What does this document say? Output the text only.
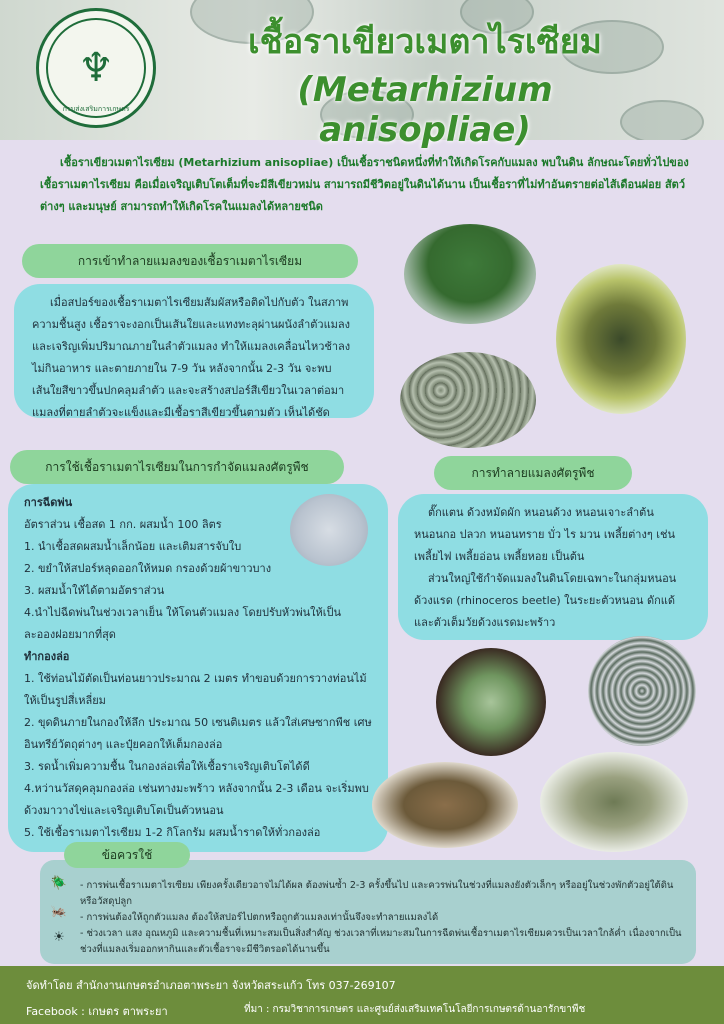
♆
กรมส่งเสริมการเกษตร
เชื้อราเขียวเมตาไรเซียม
(Metarhizium anisopliae)
เชื้อราเขียวเมตาไรเซียม (Metarhizium anisopliae) เป็นเชื้อราชนิดหนึ่งที่ทำให้เกิดโรคกับแมลง พบในดิน ลักษณะโดยทั่วไปของเชื้อราเมตาไรเซียม คือเมื่อเจริญเติบโตเต็มที่จะมีสีเขียวหม่น สามารถมีชีวิตอยู่ในดินได้นาน เป็นเชื้อราที่ไม่ทำอันตรายต่อไส้เดือนฝอย สัตว์ต่างๆ และมนุษย์ สามารถทำให้เกิดโรคในแมลงได้หลายชนิด
การเข้าทำลายแมลงของเชื้อราเมตาไรเซียม
เมื่อสปอร์ของเชื้อราเมตาไรเซียมสัมผัสหรือติดไปกับตัว ในสภาพความชื้นสูง เชื้อราจะงอกเป็นเส้นใยและแทงทะลุผ่านผนังลำตัวแมลง และเจริญเพิ่มปริมาณภายในลำตัวแมลง ทำให้แมลงเคลื่อนไหวช้าลง ไม่กินอาหาร และตายภายใน 7-9 วัน หลังจากนั้น 2-3 วัน จะพบเส้นใยสีขาวขึ้นปกคลุมลำตัว และจะสร้างสปอร์สีเขียวในเวลาต่อมา แมลงที่ตายลำตัวจะแข็งและมีเชื้อราสีเขียวขึ้นตามตัว เห็นได้ชัด
การใช้เชื้อราเมตาไรเซียมในการกำจัดแมลงศัตรูพืช
การฉีดพ่น
อัตราส่วน เชื้อสด 1 กก. ผสมน้ำ 100 ลิตร
1. นำเชื้อสดผสมน้ำเล็กน้อย และเติมสารจับใบ
2. ขยำให้สปอร์หลุดออกให้หมด กรองด้วยผ้าขาวบาง
3. ผสมน้ำให้ได้ตามอัตราส่วน
4.นำไปฉีดพ่นในช่วงเวลาเย็น ให้โดนตัวแมลง โดยปรับหัวพ่นให้เป็นละอองฝอยมากที่สุด
ทำกองล่อ
1. ใช้ท่อนไม้ตัดเป็นท่อนยาวประมาณ 2 เมตร ทำขอบด้วยการวางท่อนไม้ให้เป็นรูปสี่เหลี่ยม
2. ขุดดินภายในกองให้ลึก ประมาณ 50 เซนติเมตร แล้วใส่เศษซากพืช เศษอินทรีย์วัตถุต่างๆ และปุ๋ยคอกให้เต็มกองล่อ
3. รดน้ำเพิ่มความชื้น ในกองล่อเพื่อให้เชื้อราเจริญเติบโตได้ดี
4.หว่านวัสดุคลุมกองล่อ เช่นทางมะพร้าว หลังจากนั้น 2-3 เดือน จะเริ่มพบด้วงมาวางไข่และเจริญเติบโตเป็นตัวหนอน
5. ใช้เชื้อราเมตาไรเซียม 1-2 กิโลกรัม ผสมน้ำราดให้ทั่วกองล่อ
การทำลายแมลงศัตรูพืช
ตั๊กแตน ด้วงหมัดผัก หนอนด้วง หนอนเจาะลำต้น หนอนกอ ปลวก หนอนทราย บั่ว ไร มวน เพลี้ยต่างๆ เช่น เพลี้ยไฟ เพลี้ยอ่อน เพลี้ยหอย เป็นต้น
ส่วนใหญ่ใช้กำจัดแมลงในดินโดยเฉพาะในกลุ่มหนอนด้วงแรด (rhinoceros beetle) ในระยะตัวหนอน ดักแด้ และตัวเต็มวัยด้วงแรดมะพร้าว
ข้อควรใช้
🪲
🦗
☀
- การพ่นเชื้อราเมตาไรเซียม เพียงครั้งเดียวอาจไม่ได้ผล ต้องพ่นซ้ำ 2-3 ครั้งขึ้นไป และควรพ่นในช่วงที่แมลงยังตัวเล็กๆ หรืออยู่ในช่วงพักตัวอยู่ใต้ดินหรือวัสดุปลูก
- การพ่นต้องให้ถูกตัวแมลง ต้องให้สปอร์ไปตกหรือถูกตัวแมลงเท่านั้นจึงจะทำลายแมลงได้
- ช่วงเวลา แสง อุณหภูมิ และความชื้นที่เหมาะสมเป็นสิ่งสำคัญ ช่วงเวลาที่เหมาะสมในการฉีดพ่นเชื้อราเมตาไรเซียมควรเป็นเวลาใกล้ค่ำ เนื่องจากเป็นช่วงที่แมลงเริ่มออกหากินและตัวเชื้อราจะมีชีวิตรอดได้นานขึ้น
จัดทำโดย สำนักงานเกษตรอำเภอตาพระยา จังหวัดสระแก้ว โทร 037-269107
Facebook : เกษตร ตาพระยา	ที่มา : กรมวิชาการเกษตร และศูนย์ส่งเสริมเทคโนโลยีการเกษตรด้านอารักขาพืช
